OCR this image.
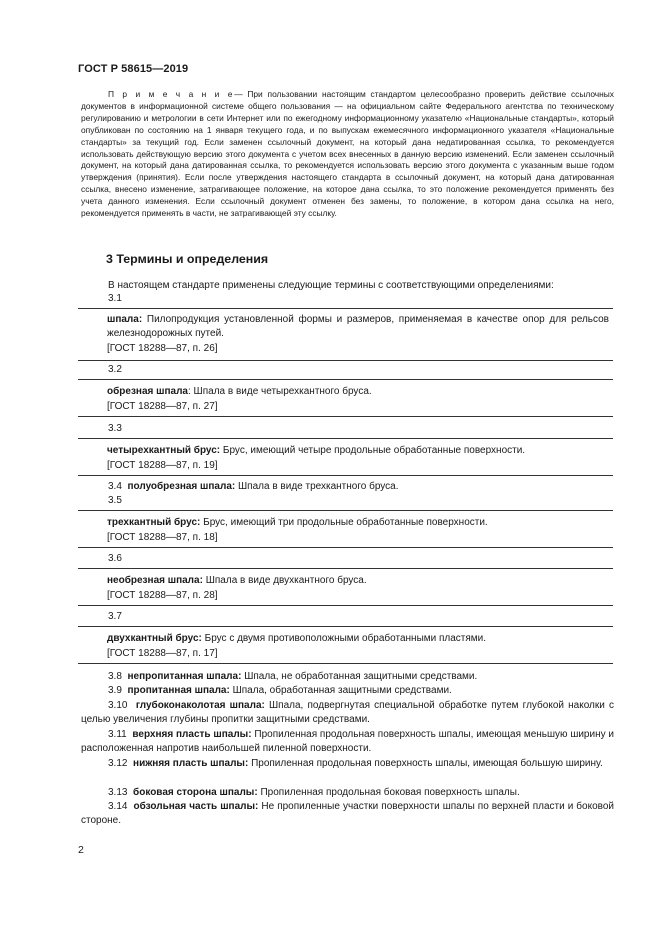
ГОСТ Р 58615—2019
П р и м е ч а н и е— При пользовании настоящим стандартом целесообразно проверить действие ссылочных документов в информационной системе общего пользования — на официальном сайте Федерального агентства по техническому регулированию и метрологии в сети Интернет или по ежегодному информационному указателю «Национальные стандарты», который опубликован по состоянию на 1 января текущего года, и по выпускам ежемесячного информационного указателя «Национальные стандарты» за текущий год. Если заменен ссылочный документ, на который дана недатированная ссылка, то рекомендуется использовать действующую версию этого документа с учетом всех внесенных в данную версию изменений. Если заменен ссылочный документ, на который дана датированная ссылка, то рекомендуется использовать версию этого документа с указанным выше годом утверждения (принятия). Если после утверждения настоящего стандарта в ссылочный документ, на который дана датированная ссылка, внесено изменение, затрагивающее положение, на которое дана ссылка, то это положение рекомендуется применять без учета данного изменения. Если ссылочный документ отменен без замены, то положение, в котором дана ссылка на него, рекомендуется применять в части, не затрагивающей эту ссылку.
3 Термины и определения
В настоящем стандарте применены следующие термины с соответствующими определениями:
3.1
шпала: Пилопродукция установленной формы и размеров, применяемая в качестве опор для рельсов железнодорожных путей.
[ГОСТ 18288—87, п. 26]
3.2
обрезная шпала: Шпала в виде четырехкантного бруса.
[ГОСТ 18288—87, п. 27]
3.3
четырехкантный брус: Брус, имеющий четыре продольные обработанные поверхности.
[ГОСТ 18288—87, п. 19]
3.4 полуобрезная шпала: Шпала в виде трехкантного бруса.
3.5
трехкантный брус: Брус, имеющий три продольные обработанные поверхности.
[ГОСТ 18288—87, п. 18]
3.6
необрезная шпала: Шпала в виде двухкантного бруса.
[ГОСТ 18288—87, п. 28]
3.7
двухкантный брус: Брус с двумя противоположными обработанными пластями.
[ГОСТ 18288—87, п. 17]
3.8 непропитанная шпала: Шпала, не обработанная защитными средствами.
3.9 пропитанная шпала: Шпала, обработанная защитными средствами.
3.10 глубоконаколотая шпала: Шпала, подвергнутая специальной обработке путем глубокой наколки с целью увеличения глубины пропитки защитными средствами.
3.11 верхняя пласть шпалы: Пропиленная продольная поверхность шпалы, имеющая меньшую ширину и расположенная напротив наибольшей пиленной поверхности.
3.12 нижняя пласть шпалы: Пропиленная продольная поверхность шпалы, имеющая большую ширину.
3.13 боковая сторона шпалы: Пропиленная продольная боковая поверхность шпалы.
3.14 обзольная часть шпалы: Не пропиленные участки поверхности шпалы по верхней пласти и боковой стороне.
2
